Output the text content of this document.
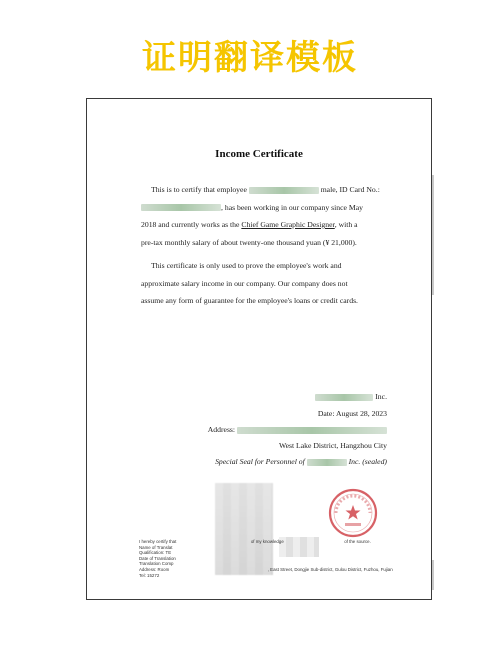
证明翻译模板
Income Certificate
This is to certify that employee	male, ID Card No.:
, has been working in our company since May
2018 and currently works as the Chief Game Graphic Designer, with a
pre-tax monthly salary of about twenty-one thousand yuan (¥ 21,000).
This certificate is only used to prove the employee's work and
approximate salary income in our company. Our company does not
assume any form of guarantee for the employee's loans or credit cards.
Inc.
Date: August 28, 2023
Address:
West Lake District, Hangzhou City
Special Seal for Personnel of	Inc. (sealed)
I hereby certify that	of my knowledge	of the source.
Name of Translat
Qualification: TE
Date of Translation
Translation Comp
Address: Room	, East Street, Dongjie Sub-district, Gulou District, Fuzhou, Fujian
Tel: 15272
